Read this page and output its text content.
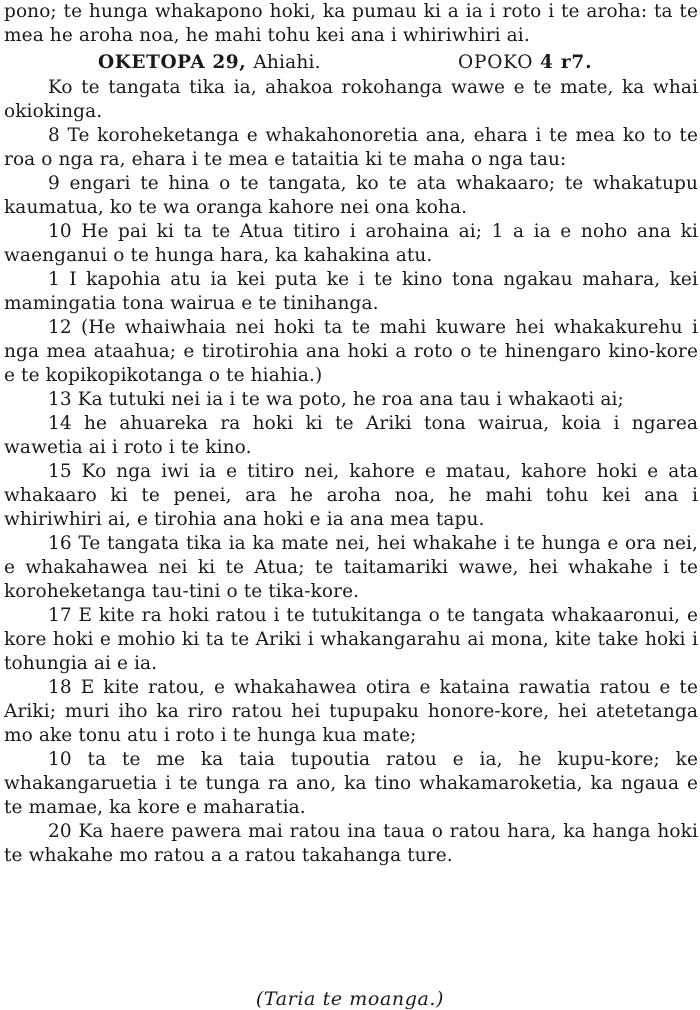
pono; te hunga whakapono hoki, ka pumau ki a ia i roto i te aroha: ta te mea he aroha noa, he mahi tohu kei ana i whiriwhiri ai.

OKETOPA 29, Ahiahi.	OPOKO 4 r7.

Ko te tangata tika ia, ahakoa rokohanga wawe e te mate, ka whai okiokinga.

8 Te koroheketanga e whakahonoretia ana, ehara i te mea ko to te roa o nga ra, ehara i te mea e tataitia ki te maha o nga tau:

9 engari te hina o te tangata, ko te ata whakaaro; te whakatupu kaumatua, ko te wa oranga kahore nei ona koha.

10 He pai ki ta te Atua titiro i arohaina ai; 1 a ia e noho ana ki waenganui o te hunga hara, ka kahakina atu.

1 I kapohia atu ia kei puta ke i te kino tona ngakau mahara, kei mamingatia tona wairua e te tinihanga.

12 (He whaiwhaia nei hoki ta te mahi kuware hei whakakurehu i nga mea ataahua; e tirotirohia ana hoki a roto o te hinengaro kino-kore e te kopikopikotanga o te hiahia.)

13 Ka tutuki nei ia i te wa poto, he roa ana tau i whakaoti ai;

14 he ahuareka ra hoki ki te Ariki tona wairua, koia i ngarea wawetia ai i roto i te kino.

15 Ko nga iwi ia e titiro nei, kahore e matau, kahore hoki e ata whakaaro ki te penei, ara he aroha noa, he mahi tohu kei ana i whiriwhiri ai, e tirohia ana hoki e ia ana mea tapu.

16 Te tangata tika ia ka mate nei, hei whakahe i te hunga e ora nei, e whakahawea nei ki te Atua; te taitamariki wawe, hei whakahe i te koroheketanga tau-tini o te tika-kore.

17 E kite ra hoki ratou i te tutukitanga o te tangata whakaaronui, e kore hoki e mohio ki ta te Ariki i whakangarahu ai mona, kite take hoki i tohungia ai e ia.

18 E kite ratou, e whakahawea otira e kataina rawatia ratou e te Ariki; muri iho ka riro ratou hei tupupaku honore-kore, hei atetetanga mo ake tonu atu i roto i te hunga kua mate;

10 ta te me ka taia tupoutia ratou e ia, he kupu-kore; ke whakangaruetia i te tunga ra ano, ka tino whakamaroketia, ka ngaua e te mamae, ka kore e maharatia.

20 Ka haere pawera mai ratou ina taua o ratou hara, ka hanga hoki te whakahe mo ratou a a ratou takahanga ture.

(Taria te moanga.)
